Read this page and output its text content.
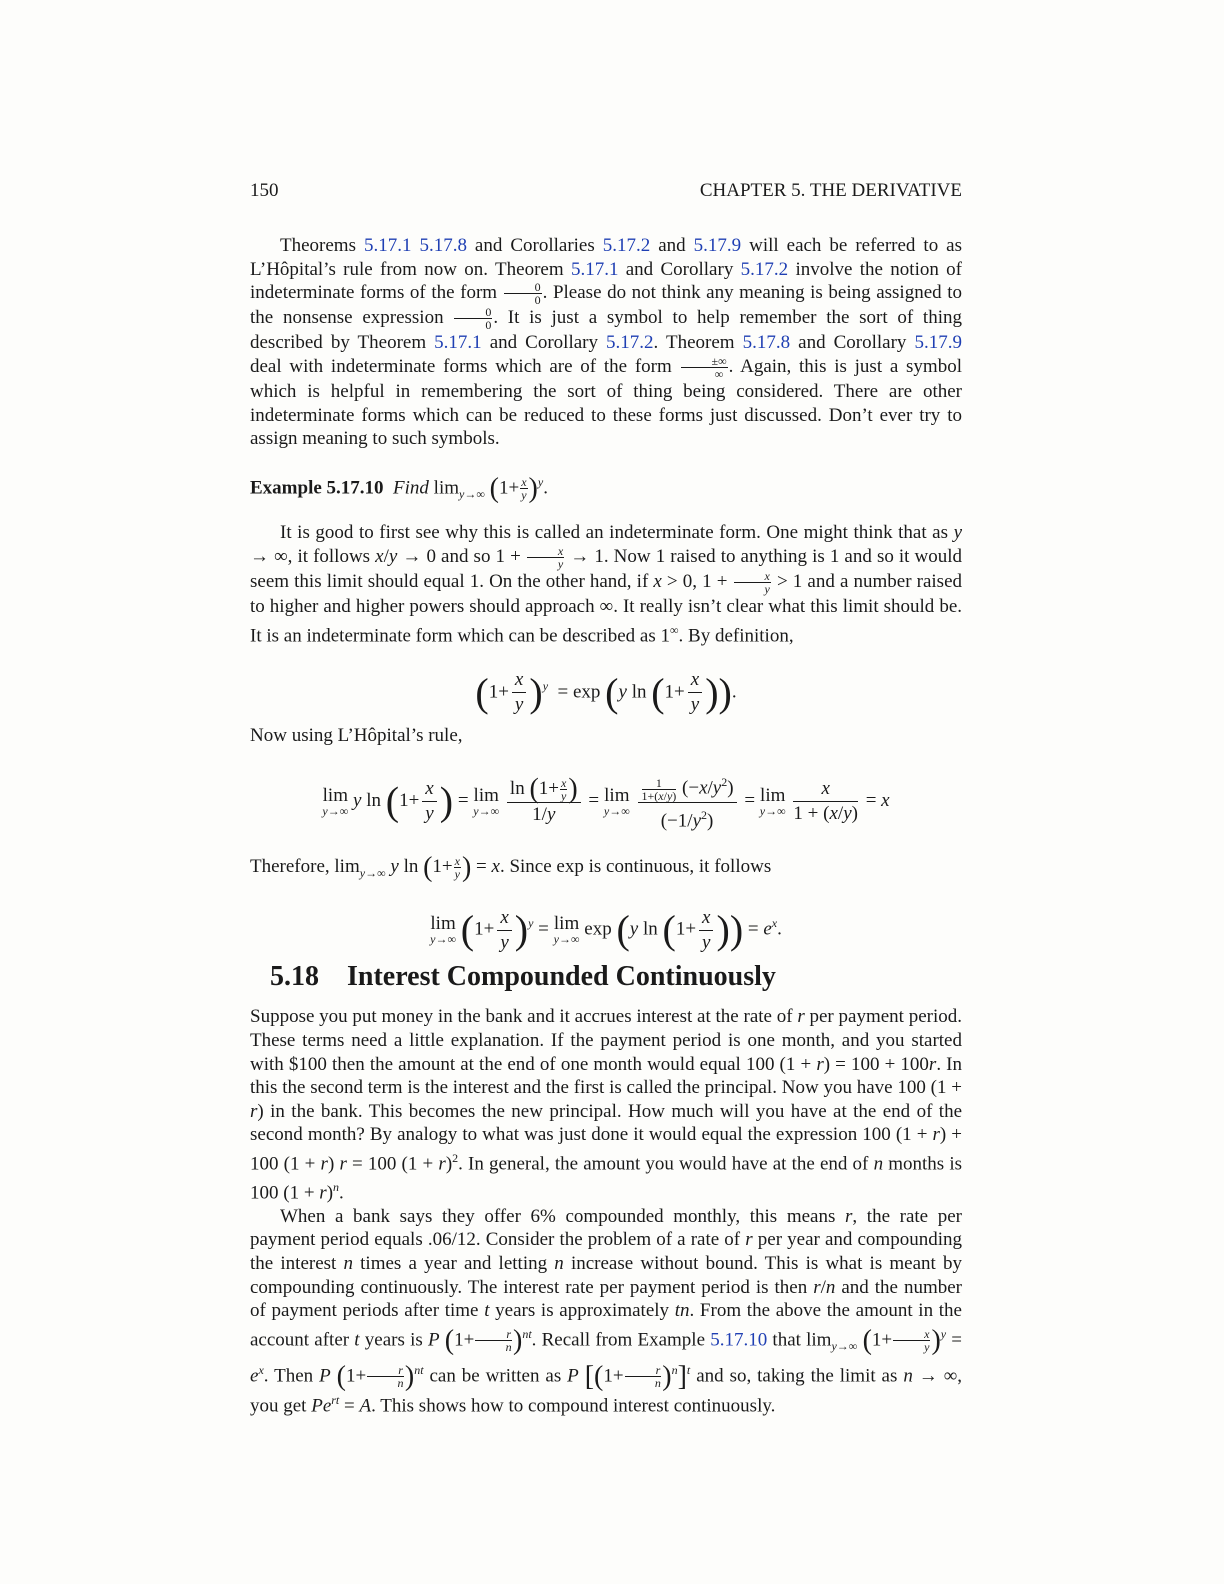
150	CHAPTER 5. THE DERIVATIVE

Theorems 5.17.1 5.17.8 and Corollaries 5.17.2 and 5.17.9 will each be referred to as L’Hôpital’s rule from now on. Theorem 5.17.1 and Corollary 5.17.2 involve the notion of indeterminate forms of the form $\frac{0}{0}$ . Please do not think any meaning is being assigned to the nonsense expression $\frac{0}{0}$ . It is just a symbol to help remember the sort of thing described by Theorem 5.17.1 and Corollary 5.17.2. Theorem 5.17.8 and Corollary 5.17.9 deal with indeterminate forms which are of the form $\frac{\pm\infty}{\infty}$ . Again, this is just a symbol which is helpful in remembering the sort of thing being considered. There are other indeterminate forms which can be reduced to these forms just discussed. Don’t ever try to assign meaning to such symbols.

Example 5.17.10 Find $\lim_{y\to\infty} (1+ \frac{x}{y} )^y$.

It is good to first see why this is called an indeterminate form. One might think that as y → ∞, it follows x/y → 0 and so $1 + \frac{x}{y} \to 1$. Now 1 raised to anything is 1 and so it would seem this limit should equal 1. On the other hand, if x > 0, $1 + \frac{x}{y} > 1$ and a number raised to higher and higher powers should approach ∞. It really isn’t clear what this limit should be. It is an indeterminate form which can be described as 1∞. By definition,

$(1+ \frac{x}{y} )^y = \exp (y$ $\ln (1+ \frac{x}{y}$ )).

Now using L’Hôpital’s rule,

lim
y→∞ y $\ln (1+ \frac{x}{y}$ ) = lim
y→∞
$\frac{\ln (1+ \frac{x}{y} )}{1/y} = \lim$
y→∞
$\frac{\frac{1}{1+(x/y)} (-x/y^2)}{(-1/y^2)} = \lim$
y→∞
$\frac{x}{1 + (x/y)} = x$

Therefore, $\lim_{y\to\infty} y$ $\ln (1+ \frac{x}{y}$ ) = x. Since exp is continuous, it follows

lim
y→∞ $(1+ \frac{x}{y} )^y = \lim$
y→∞ exp (y $\ln (1+ \frac{x}{y}$ )) = $e^x$.
5.18 Interest Compounded Continuously

Suppose you put money in the bank and it accrues interest at the rate of r per payment period. These terms need a little explanation. If the payment period is one month, and you started with $100 then the amount at the end of one month would equal 100 (1 + r) = 100 + 100r. In this the second term is the interest and the first is called the principal. Now you have 100 (1 + r) in the bank. This becomes the new principal. How much will you have at the end of the second month? By analogy to what was just done it would equal the expression 100 (1 + r) + 100 (1 + r) r = 100 $(1 + r)^2$. In general, the amount you would have at the end of n months is 100 $(1 + r)^n$.

When a bank says they offer 6% compounded monthly, this means r, the rate per payment period equals .06/12. Consider the problem of a rate of r per year and compounding the interest n times a year and letting n increase without bound. This is what is meant by compounding continuously. The interest rate per payment period is then r/n and the number of payment periods after time t years is approximately tn. From the above the amount in the account after t years is P $(1+ \frac{r}{n} )^{nt}$. Recall from Example 5.17.10 that $\lim_{y\to\infty} (1+ \frac{x}{y} )^y = e^x$. Then P $(1+ \frac{r}{n} )^{nt}$ can be written as P $[(1+ \frac{r}{n} )^n]^t$ and so, taking the limit as n → ∞, you get $Pe^{rt} = A$. This shows how to compound interest continuously.
